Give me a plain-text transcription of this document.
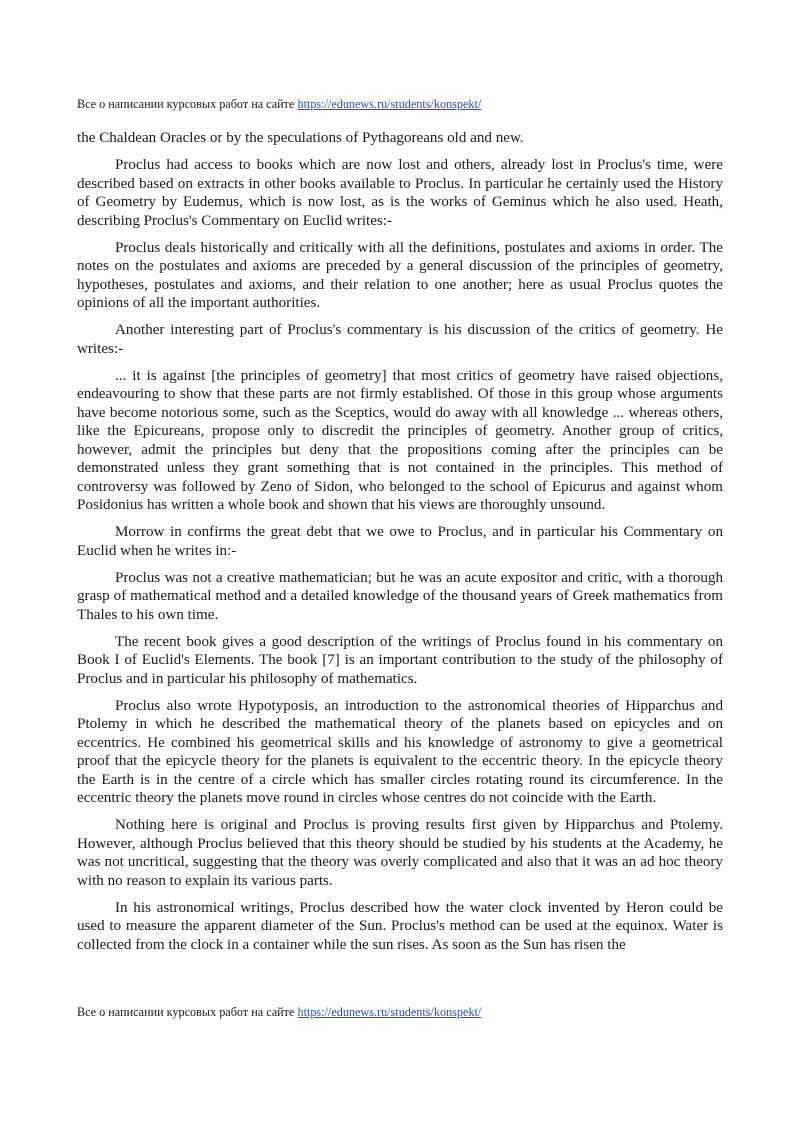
Все о написании курсовых работ на сайте https://edunews.ru/students/konspekt/

the Chaldean Oracles or by the speculations of Pythagoreans old and new.

Proclus had access to books which are now lost and others, already lost in Proclus's time, were described based on extracts in other books available to Proclus. In particular he certainly used the History of Geometry by Eudemus, which is now lost, as is the works of Geminus which he also used. Heath, describing Proclus's Commentary on Euclid writes:-

Proclus deals historically and critically with all the definitions, postulates and axioms in order. The notes on the postulates and axioms are preceded by a general discussion of the principles of geometry, hypotheses, postulates and axioms, and their relation to one another; here as usual Proclus quotes the opinions of all the important authorities.

Another interesting part of Proclus's commentary is his discussion of the critics of geometry. He writes:-

... it is against [the principles of geometry] that most critics of geometry have raised objections, endeavouring to show that these parts are not firmly established. Of those in this group whose arguments have become notorious some, such as the Sceptics, would do away with all knowledge ... whereas others, like the Epicureans, propose only to discredit the principles of geometry. Another group of critics, however, admit the principles but deny that the propositions coming after the principles can be demonstrated unless they grant something that is not contained in the principles. This method of controversy was followed by Zeno of Sidon, who belonged to the school of Epicurus and against whom Posidonius has written a whole book and shown that his views are thoroughly unsound.

Morrow in confirms the great debt that we owe to Proclus, and in particular his Commentary on Euclid when he writes in:-

Proclus was not a creative mathematician; but he was an acute expositor and critic, with a thorough grasp of mathematical method and a detailed knowledge of the thousand years of Greek mathematics from Thales to his own time.

The recent book gives a good description of the writings of Proclus found in his commentary on Book I of Euclid's Elements. The book [7] is an important contribution to the study of the philosophy of Proclus and in particular his philosophy of mathematics.

Proclus also wrote Hypotyposis, an introduction to the astronomical theories of Hipparchus and Ptolemy in which he described the mathematical theory of the planets based on epicycles and on eccentrics. He combined his geometrical skills and his knowledge of astronomy to give a geometrical proof that the epicycle theory for the planets is equivalent to the eccentric theory. In the epicycle theory the Earth is in the centre of a circle which has smaller circles rotating round its circumference. In the eccentric theory the planets move round in circles whose centres do not coincide with the Earth.

Nothing here is original and Proclus is proving results first given by Hipparchus and Ptolemy. However, although Proclus believed that this theory should be studied by his students at the Academy, he was not uncritical, suggesting that the theory was overly complicated and also that it was an ad hoc theory with no reason to explain its various parts.

In his astronomical writings, Proclus described how the water clock invented by Heron could be used to measure the apparent diameter of the Sun. Proclus's method can be used at the equinox. Water is collected from the clock in a container while the sun rises. As soon as the Sun has risen the

Все о написании курсовых работ на сайте https://edunews.ru/students/konspekt/
